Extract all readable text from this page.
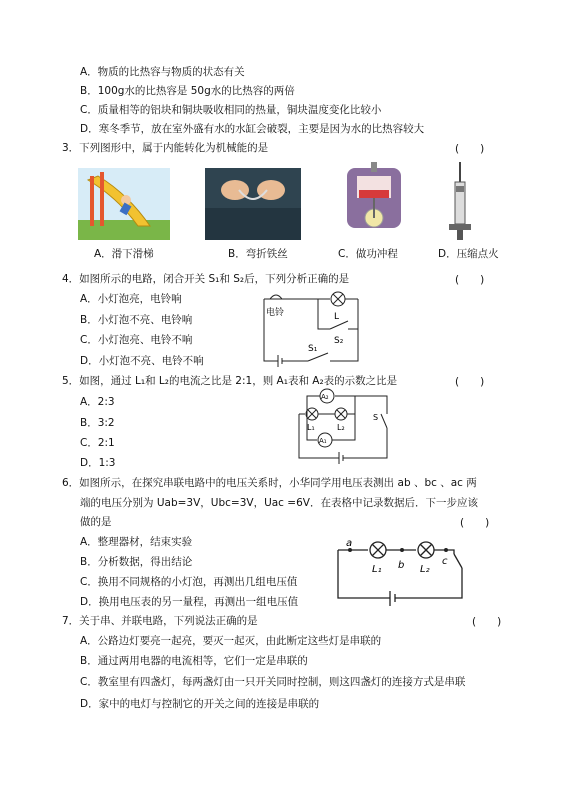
A．物质的比热容与物质的状态有关
B．100g水的比热容是 50g水的比热容的两倍
C．质量相等的铝块和铜块吸收相同的热量，铜块温度变化比较小
D．寒冬季节，放在室外盛有水的水缸会破裂，主要是因为水的比热容较大
3．下列图形中，属于内能转化为机械能的是	(　　)
A．滑下滑梯	B．弯折铁丝	C．做功冲程	D．压缩点火
4．如图所示的电路，闭合开关 S₁和 S₂后，下列分析正确的是	(　　)
A．小灯泡亮，电铃响
B．小灯泡不亮、电铃响
C．小灯泡亮、电铃不响
D．小灯泡不亮、电铃不响
电铃	L
S₂
S₁
5．如图，通过 L₁和 L₂的电流之比是 2:1，则 A₁表和 A₂表的示数之比是	(　　)
A．2:3
B．3:2
C．2:1
D．1:3
A₂
A₁
L₁	L₂
S
6．如图所示，在探究串联电路中的电压关系时，小华同学用电压表测出 ab 、bc 、ac 两
端的电压分别为 Uab=3V，Ubc=3V，Uac =6V．在表格中记录数据后．下一步应该
做的是	(　　)
A．整理器材，结束实验
B．分析数据，得出结论
C．换用不同规格的小灯泡，再测出几组电压值
D．换用电压表的另一量程，再测出一组电压值
a
b	c
L₁	L₂
7．关于串、并联电路，下列说法正确的是	(　　)
A．公路边灯要亮一起亮，要灭一起灭，由此断定这些灯是串联的
B．通过两用电器的电流相等，它们一定是串联的
C．教室里有四盏灯，每两盏灯由一只开关同时控制，则这四盏灯的连接方式是串联
D．家中的电灯与控制它的开关之间的连接是串联的
